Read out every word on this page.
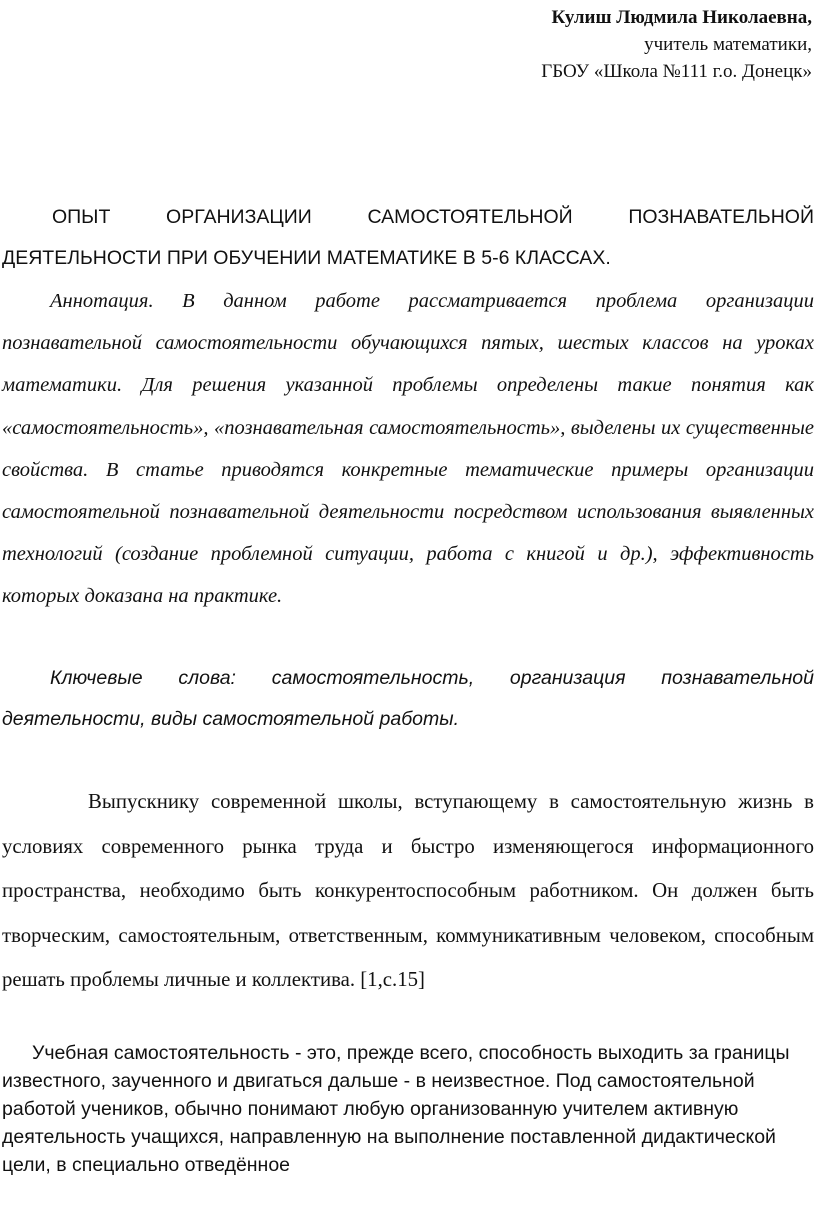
Кулиш Людмила Николаевна,
учитель математики,
ГБОУ «Школа №111 г.о. Донецк»
ОПЫТ ОРГАНИЗАЦИИ САМОСТОЯТЕЛЬНОЙ ПОЗНАВАТЕЛЬНОЙ
ДЕЯТЕЛЬНОСТИ ПРИ ОБУЧЕНИИ МАТЕМАТИКЕ В 5-6 КЛАССАХ.
Аннотация. В данном работе рассматривается проблема организации познавательной самостоятельности обучающихся пятых, шестых классов на уроках математики. Для решения указанной проблемы определены такие понятия как «самостоятельность», «познавательная самостоятельность», выделены их существенные свойства. В статье приводятся конкретные тематические примеры организации самостоятельной познавательной деятельности посредством использования выявленных технологий (создание проблемной ситуации, работа с книгой и др.), эффективность которых доказана на практике.
Ключевые слова: самостоятельность, организация познавательной деятельности, виды самостоятельной работы.
Выпускнику современной школы, вступающему в самостоятельную жизнь в условиях современного рынка труда и быстро изменяющегося информационного пространства, необходимо быть конкурентоспособным работником. Он должен быть творческим, самостоятельным, ответственным, коммуникативным человеком, способным решать проблемы личные и коллектива. [1,с.15]
Учебная самостоятельность - это, прежде всего, способность выходить за границы известного, заученного и двигаться дальше - в неизвестное. Под самостоятельной работой учеников, обычно понимают любую организованную учителем активную деятельность учащихся, направленную на выполнение поставленной дидактической цели, в специально отведённое
